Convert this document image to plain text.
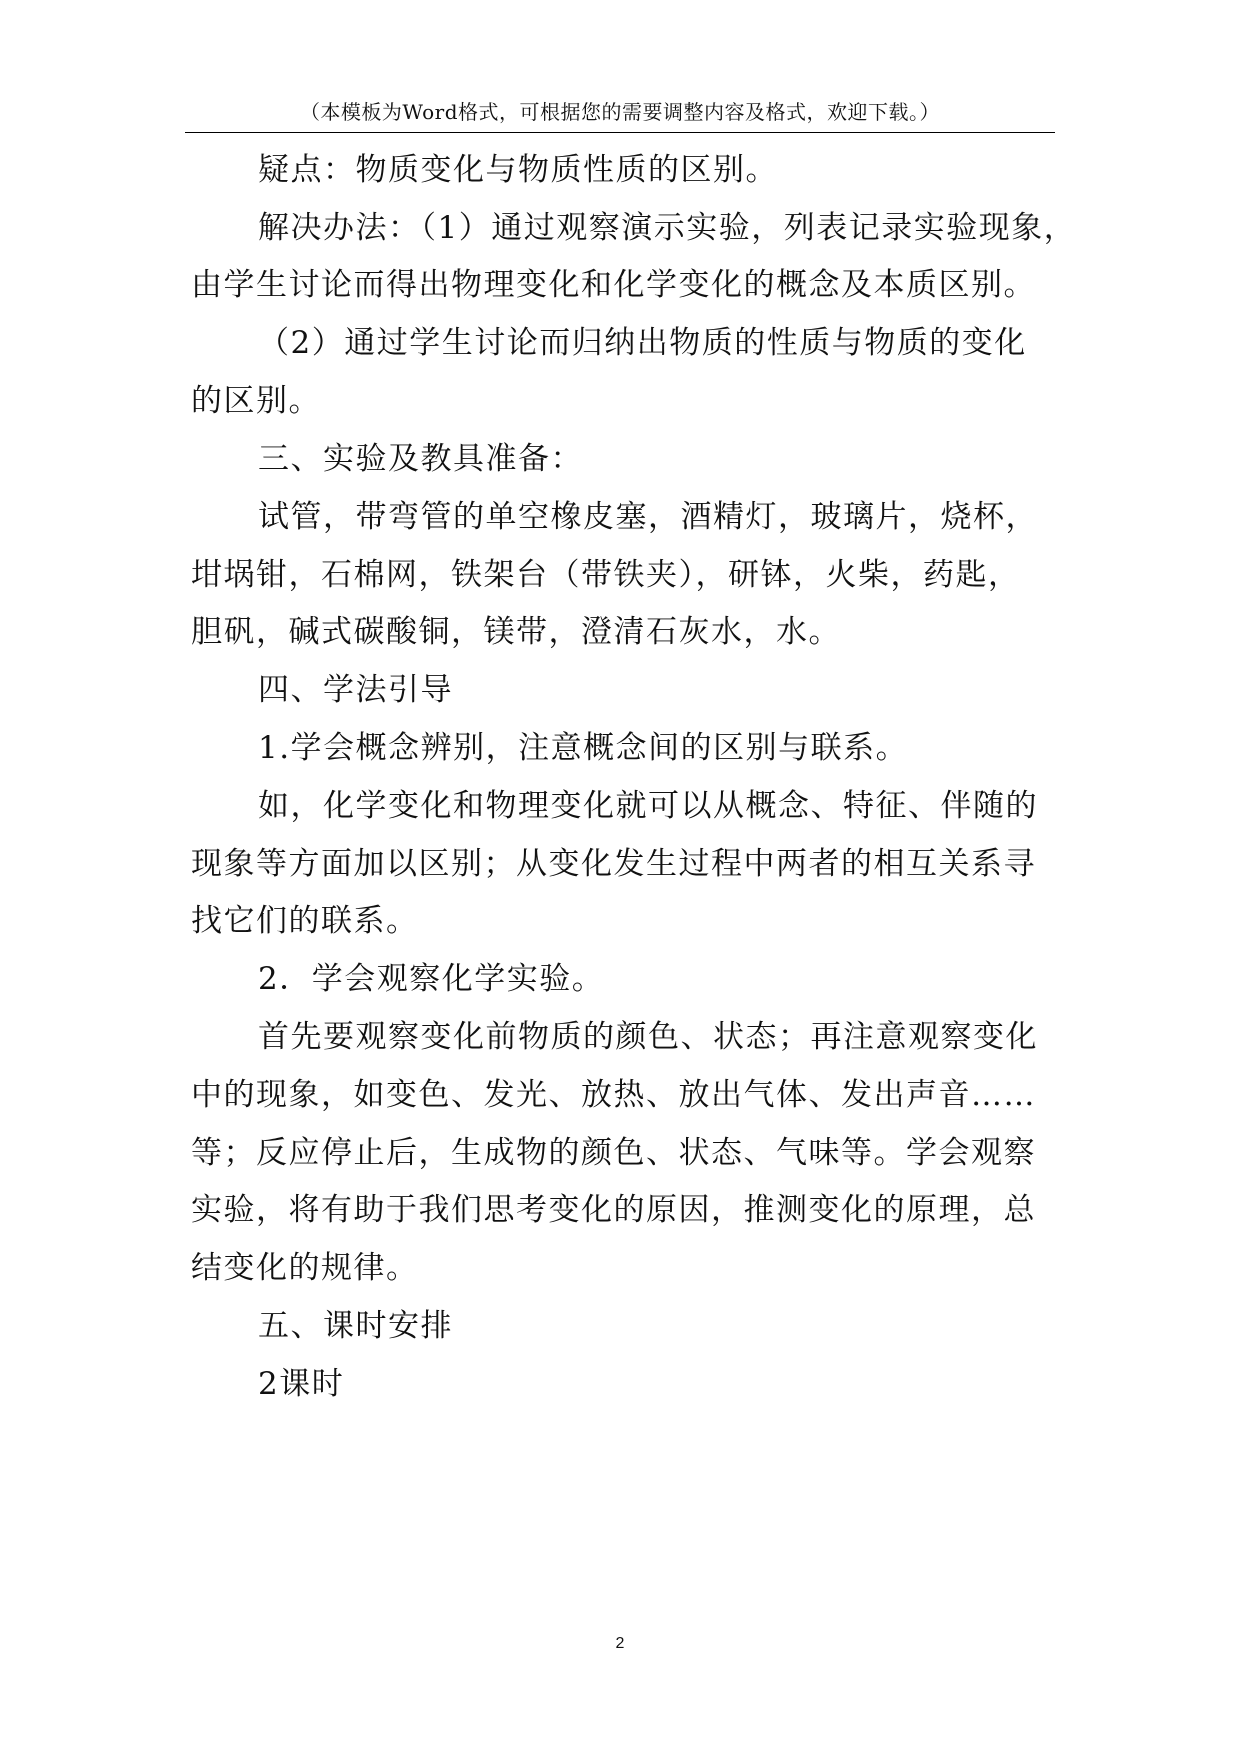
（本模板为Word格式，可根据您的需要调整内容及格式，欢迎下载。）
疑点：物质变化与物质性质的区别。
解决办法：（1）通过观察演示实验，列表记录实验现象，
由学生讨论而得出物理变化和化学变化的概念及本质区别。
（2）通过学生讨论而归纳出物质的性质与物质的变化
的区别。
三、实验及教具准备：
试管，带弯管的单空橡皮塞，酒精灯，玻璃片，烧杯，
坩埚钳，石棉网，铁架台（带铁夹），研钵，火柴，药匙，
胆矾，碱式碳酸铜，镁带，澄清石灰水，水。
四、学法引导
1.学会概念辨别，注意概念间的区别与联系。
如，化学变化和物理变化就可以从概念、特征、伴随的
现象等方面加以区别；从变化发生过程中两者的相互关系寻
找它们的联系。
2．学会观察化学实验。
首先要观察变化前物质的颜色、状态；再注意观察变化
中的现象，如变色、发光、放热、放出气体、发出声音……
等；反应停止后，生成物的颜色、状态、气味等。学会观察
实验，将有助于我们思考变化的原因，推测变化的原理，总
结变化的规律。
五、课时安排
2课时
2
